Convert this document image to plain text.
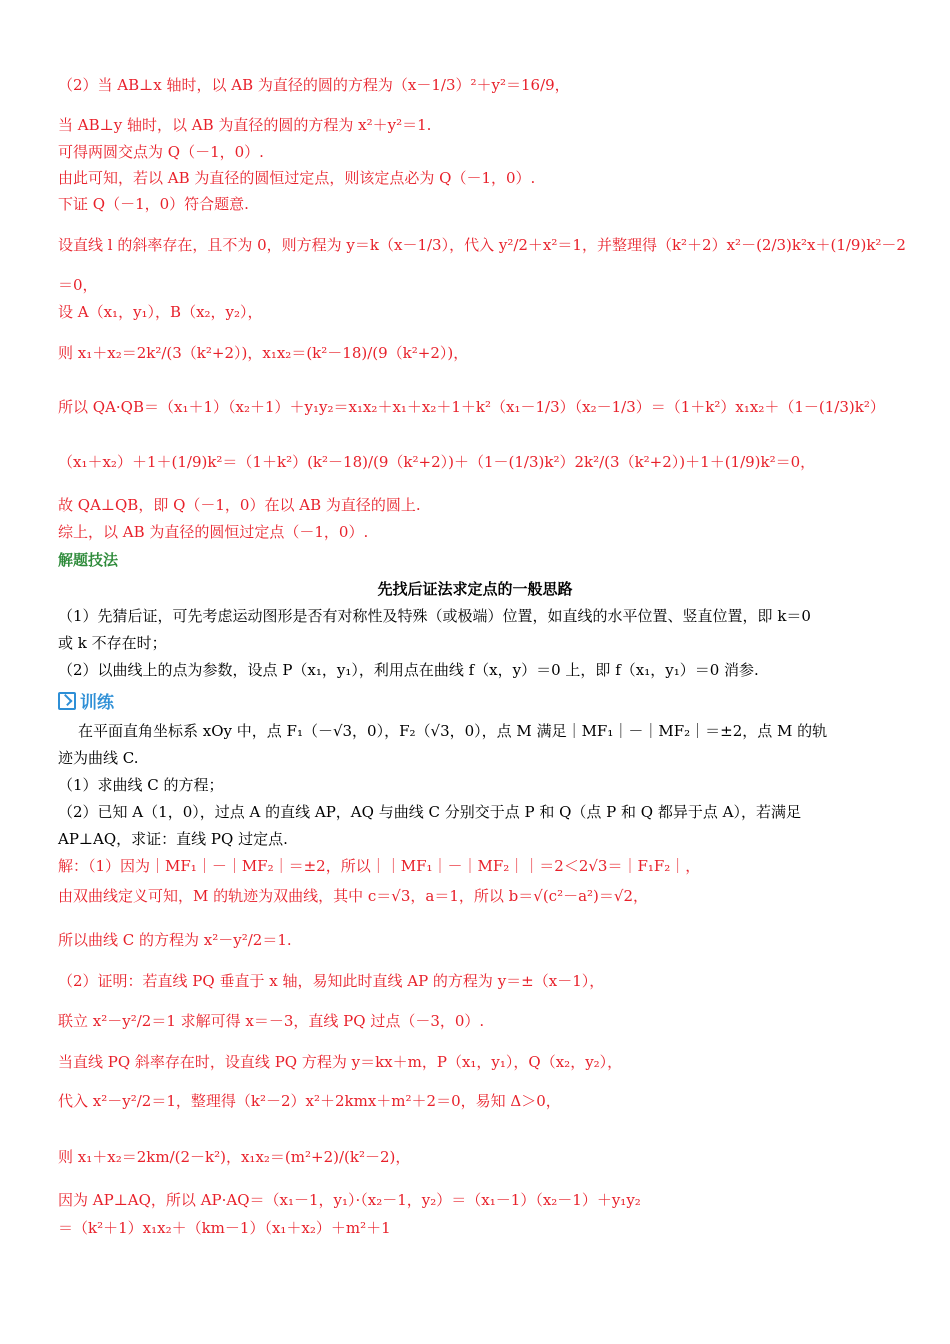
（2）当 AB⊥x 轴时，以 AB 为直径的圆的方程为（x－1/3）²＋y²＝16/9，
当 AB⊥y 轴时，以 AB 为直径的圆的方程为 x²＋y²＝1.
可得两圆交点为 Q（－1，0）.
由此可知，若以 AB 为直径的圆恒过定点，则该定点必为 Q（－1，0）.
下证 Q（－1，0）符合题意.
设直线 l 的斜率存在，且不为 0，则方程为 y＝k（x－1/3），代入 y²/2＋x²＝1，并整理得（k²＋2）x²－(2/3)k²x＋(1/9)k²－2
＝0，
设 A（x₁，y₁），B（x₂，y₂），
则 x₁＋x₂＝2k²/(3（k²+2）)，x₁x₂＝(k²－18)/(9（k²+2）)，
所以 QA·QB＝（x₁＋1）（x₂＋1）＋y₁y₂＝x₁x₂＋x₁＋x₂＋1＋k²（x₁－1/3）（x₂－1/3）＝（1＋k²）x₁x₂＋（1－(1/3)k²）
（x₁＋x₂）＋1＋(1/9)k²＝（1＋k²）(k²－18)/(9（k²+2）)＋（1－(1/3)k²）2k²/(3（k²+2）)＋1＋(1/9)k²＝0，
故 QA⊥QB，即 Q（－1，0）在以 AB 为直径的圆上.
综上，以 AB 为直径的圆恒过定点（－1，0）.
解题技法
先找后证法求定点的一般思路
（1）先猜后证，可先考虑运动图形是否有对称性及特殊（或极端）位置，如直线的水平位置、竖直位置，即 k＝0
或 k 不存在时；
（2）以曲线上的点为参数，设点 P（x₁，y₁），利用点在曲线 f（x，y）＝0 上，即 f（x₁，y₁）＝0 消参.
训练
在平面直角坐标系 xOy 中，点 F₁（－√3，0），F₂（√3，0），点 M 满足｜MF₁｜－｜MF₂｜＝±2，点 M 的轨
迹为曲线 C.
（1）求曲线 C 的方程；
（2）已知 A（1，0），过点 A 的直线 AP，AQ 与曲线 C 分别交于点 P 和 Q（点 P 和 Q 都异于点 A），若满足
AP⊥AQ，求证：直线 PQ 过定点.
解：（1）因为｜MF₁｜－｜MF₂｜＝±2，所以｜｜MF₁｜－｜MF₂｜｜＝2＜2√3＝｜F₁F₂｜，
由双曲线定义可知，M 的轨迹为双曲线，其中 c＝√3，a＝1，所以 b＝√(c²－a²)＝√2，
所以曲线 C 的方程为 x²－y²/2＝1.
（2）证明：若直线 PQ 垂直于 x 轴，易知此时直线 AP 的方程为 y＝±（x－1），
联立 x²－y²/2＝1 求解可得 x＝－3，直线 PQ 过点（－3，0）.
当直线 PQ 斜率存在时，设直线 PQ 方程为 y＝kx＋m，P（x₁，y₁），Q（x₂，y₂），
代入 x²－y²/2＝1，整理得（k²－2）x²＋2kmx＋m²＋2＝0，易知 Δ＞0，
则 x₁＋x₂＝2km/(2－k²)，x₁x₂＝(m²+2)/(k²－2)，
因为 AP⊥AQ，所以 AP·AQ＝（x₁－1，y₁）·（x₂－1，y₂）＝（x₁－1）（x₂－1）＋y₁y₂
＝（k²＋1）x₁x₂＋（km－1）（x₁＋x₂）＋m²＋1
